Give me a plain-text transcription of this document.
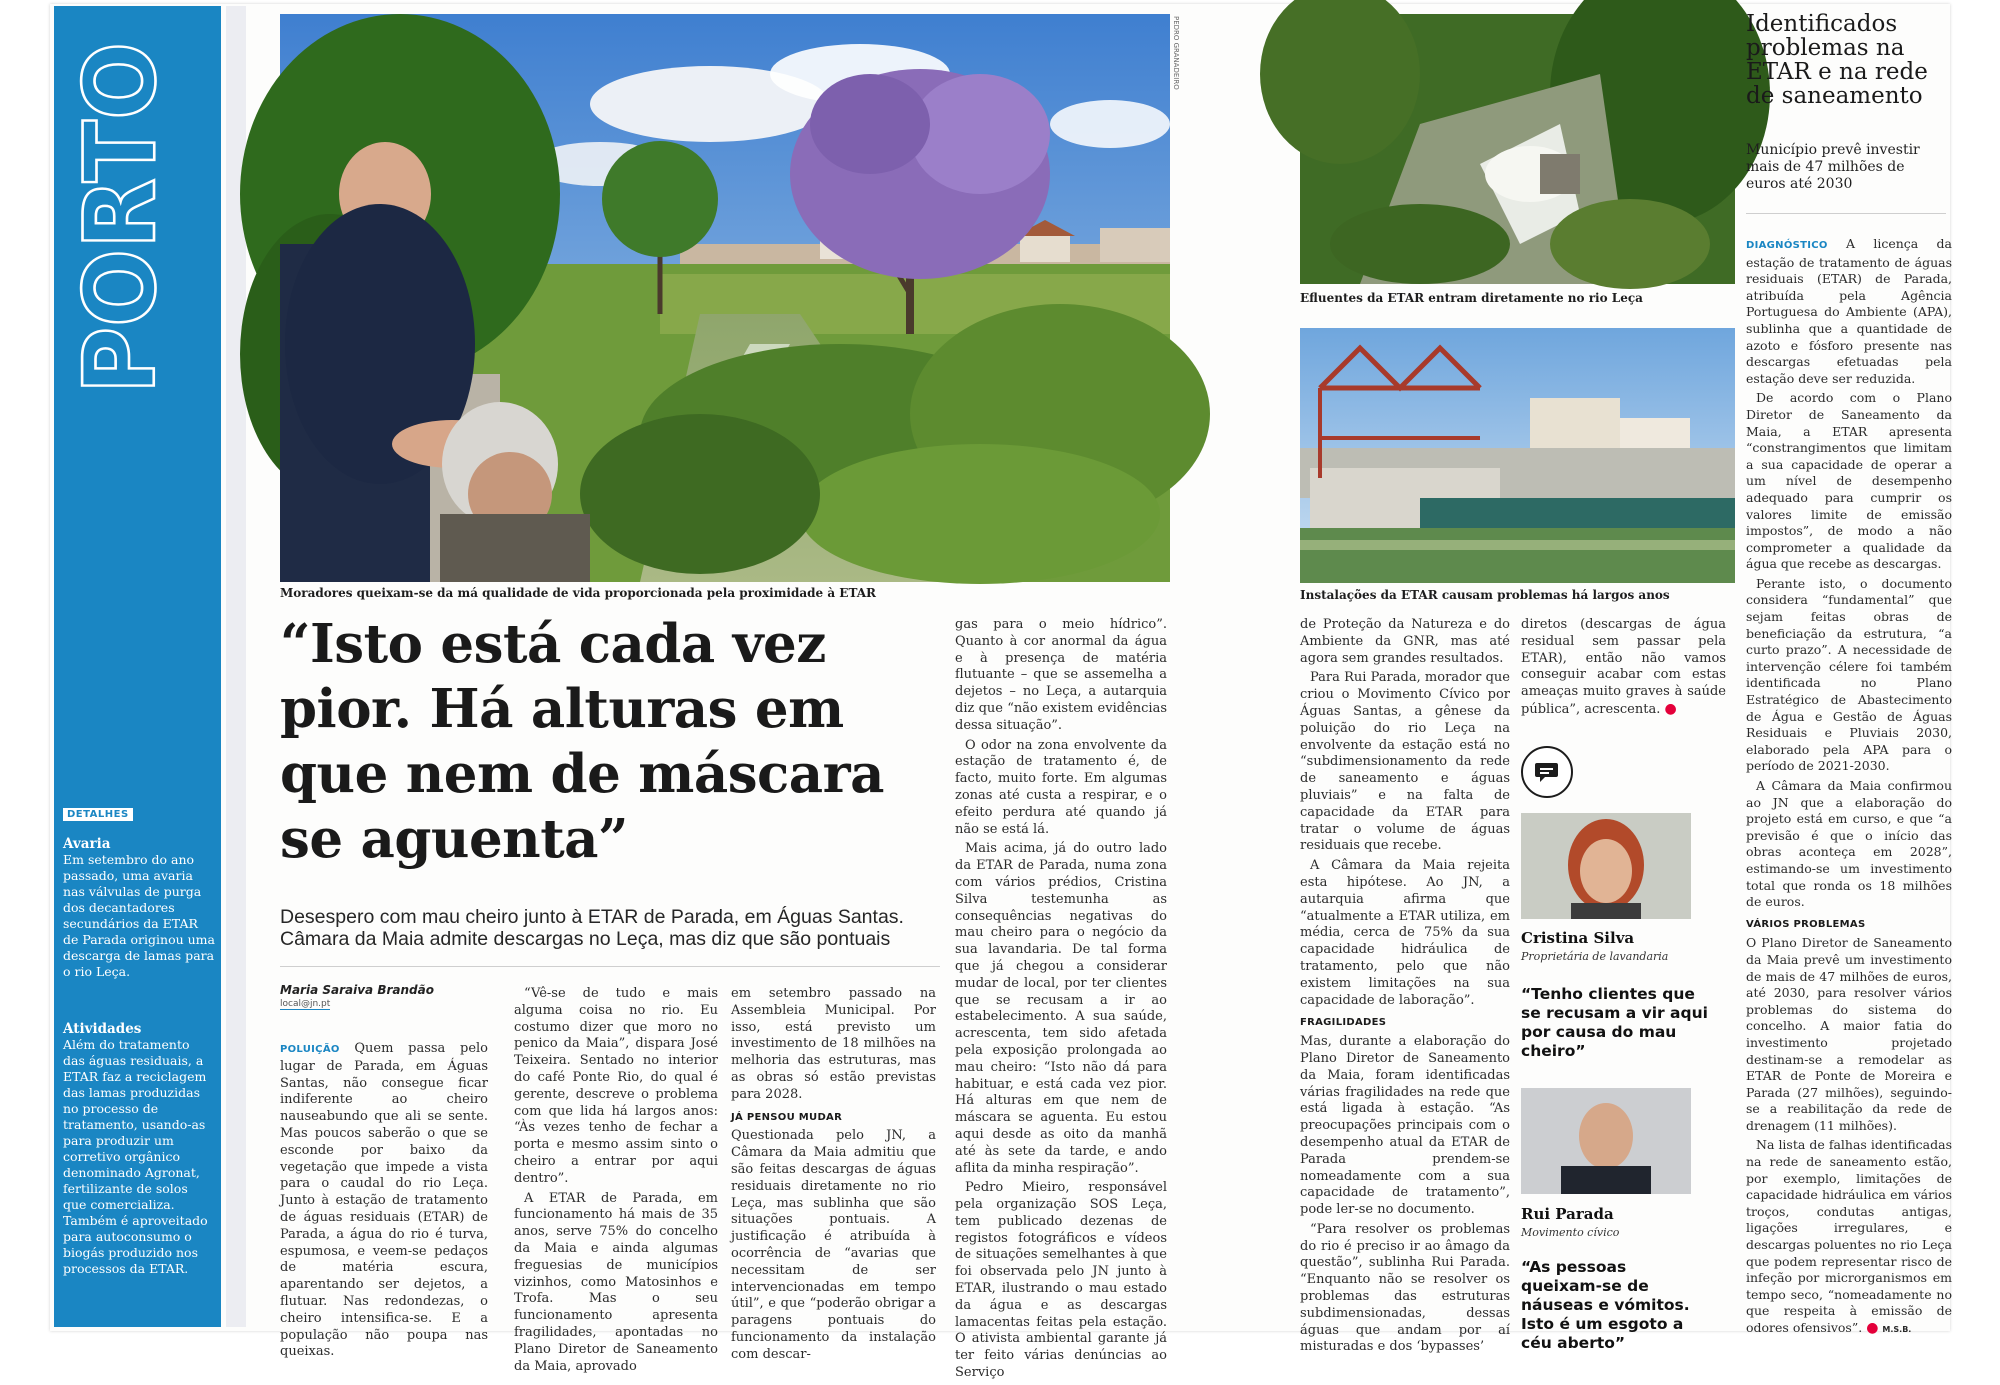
PORTO
DETALHES
Avaria
Em setembro do ano passado, uma avaria nas válvulas de purga dos decantadores secundários da ETAR de Parada originou uma descarga de lamas para o rio Leça.
Atividades
Além do tratamento das águas residuais, a ETAR faz a reciclagem das lamas produzidas no processo de tratamento, usando-as para produzir um corretivo orgânico denominado Agronat, fertilizante de solos que comercializa. Também é aproveitado para autoconsumo o biogás produzido nos processos da ETAR.
PEDRO GRANADEIRO
Moradores queixam-se da má qualidade de vida proporcionada pela proximidade à ETAR
“Isto está cada vez pior. Há alturas em que nem de máscara se aguenta”
Desespero com mau cheiro junto à ETAR de Parada, em Águas Santas. Câmara da Maia admite descargas no Leça, mas diz que são pontuais
Maria Saraiva Brandão
local@jn.pt

POLUIÇÃO Quem passa pelo lugar de Parada, em Águas Santas, não consegue ficar indiferente ao cheiro nauseabundo que ali se sente. Mas poucos saberão o que se esconde por baixo da vegetação que impede a vista para o caudal do rio Leça. Junto à estação de tratamento de águas residuais (ETAR) de Parada, a água do rio é turva, espumosa, e veem-se pedaços de matéria escura, aparentando ser dejetos, a flutuar. Nas redondezas, o cheiro intensifica-se. E a população não poupa nas queixas.

“Vê-se de tudo e mais alguma coisa no rio. Eu costumo dizer que moro no penico da Maia”, dispara José Teixeira. Sentado no interior do café Ponte Rio, do qual é gerente, descreve o problema com que lida há largos anos: “Às vezes tenho de fechar a porta e mesmo assim sinto o cheiro a entrar por aqui dentro”.

A ETAR de Parada, em funcionamento há mais de 35 anos, serve 75% do concelho da Maia e ainda algumas freguesias de municípios vizinhos, como Matosinhos e Trofa. Mas o seu funcionamento apresenta fragilidades, apontadas no Plano Diretor de Saneamento da Maia, aprovado

em setembro passado na Assembleia Municipal. Por isso, está previsto um investimento de 18 milhões na melhoria das estruturas, mas as obras só estão previstas para 2028.

JÁ PENSOU MUDAR

Questionada pelo JN, a Câmara da Maia admitiu que são feitas descargas de águas residuais diretamente no rio Leça, mas sublinha que são situações pontuais. A justificação é atribuída à ocorrência de “avarias que necessitam de ser intervencionadas em tempo útil”, e que “poderão obrigar a paragens pontuais do funcionamento da instalação com descar-

gas para o meio hídrico”. Quanto à cor anormal da água e à presença de matéria flutuante – que se assemelha a dejetos – no Leça, a autarquia diz que “não existem evidências dessa situação”.

O odor na zona envolvente da estação de tratamento é, de facto, muito forte. Em algumas zonas até custa a respirar, e o efeito perdura até quando já não se está lá.

Mais acima, já do outro lado da ETAR de Parada, numa zona com vários prédios, Cristina Silva testemunha as consequências negativas do mau cheiro para o negócio da sua lavandaria. De tal forma que já chegou a considerar mudar de local, por ter clientes que se recusam a ir ao estabelecimento. A sua saúde, acrescenta, tem sido afetada pela exposição prolongada ao mau cheiro: “Isto não dá para habituar, e está cada vez pior. Há alturas em que nem de máscara se aguenta. Eu estou aqui desde as oito da manhã até às sete da tarde, e ando aflita da minha respiração”.

Pedro Mieiro, responsável pela organização SOS Leça, tem publicado dezenas de registos fotográficos e vídeos de situações semelhantes à que foi observada pelo JN junto à ETAR, ilustrando o mau estado da água e as descargas lamacentas feitas pela estação. O ativista ambiental garante já ter feito várias denúncias ao Serviço

Efluentes da ETAR entram diretamente no rio Leça
Instalações da ETAR causam problemas há largos anos

de Proteção da Natureza e do Ambiente da GNR, mas até agora sem grandes resultados.

Para Rui Parada, morador que criou o Movimento Cívico por Águas Santas, a gênese da poluição do rio Leça na envolvente da estação está no “subdimensionamento da rede de saneamento e águas pluviais” e na falta de capacidade da ETAR para tratar o volume de águas residuais que recebe.

A Câmara da Maia rejeita esta hipótese. Ao JN, a autarquia afirma que “atualmente a ETAR utiliza, em média, cerca de 75% da sua capacidade hidráulica de tratamento, pelo que não existem limitações na sua capacidade de laboração”.

FRAGILIDADES

Mas, durante a elaboração do Plano Diretor de Saneamento da Maia, foram identificadas várias fragilidades na rede que está ligada à estação. “As preocupações principais com o desempenho atual da ETAR de Parada prendem-se nomeadamente com a sua capacidade de tratamento”, pode ler-se no documento.

“Para resolver os problemas do rio é preciso ir ao âmago da questão”, sublinha Rui Parada. “Enquanto não se resolver os problemas das estruturas subdimensionadas, dessas águas que andam por aí misturadas e dos ‘bypasses’

diretos (descargas de água residual sem passar pela ETAR), então não vamos conseguir acabar com estas ameaças muito graves à saúde pública”, acrescenta. ●

Cristina Silva
Proprietária de lavandaria
“Tenho clientes que se recusam a vir aqui por causa do mau cheiro”
Rui Parada
Movimento cívico
“As pessoas queixam-se de náuseas e vómitos. Isto é um esgoto a céu aberto”
Identificados problemas na ETAR e na rede de saneamento
Município prevê investir mais de 47 milhões de euros até 2030

DIAGNÓSTICO A licença da estação de tratamento de águas residuais (ETAR) de Parada, atribuída pela Agência Portuguesa do Ambiente (APA), sublinha que a quantidade de azoto e fósforo presente nas descargas efetuadas pela estação deve ser reduzida.

De acordo com o Plano Diretor de Saneamento da Maia, a ETAR apresenta “constrangimentos que limitam a sua capacidade de operar a um nível de desempenho adequado para cumprir os valores limite de emissão impostos”, de modo a não comprometer a qualidade da água que recebe as descargas.

Perante isto, o documento considera “fundamental” que sejam feitas obras de beneficiação da estrutura, “a curto prazo”. A necessidade de intervenção célere foi também identificada no Plano Estratégico de Abastecimento de Água e Gestão de Águas Residuais e Pluviais 2030, elaborado pela APA para o período de 2021-2030.

A Câmara da Maia confirmou ao JN que a elaboração do projeto está em curso, e que “a previsão é que o início das obras aconteça em 2028”, estimando-se um investimento total que ronda os 18 milhões de euros.

VÁRIOS PROBLEMAS

O Plano Diretor de Saneamento da Maia prevê um investimento de mais de 47 milhões de euros, até 2030, para resolver vários problemas do sistema do concelho. A maior fatia do investimento projetado destinam-se a remodelar as ETAR de Ponte de Moreira e Parada (27 milhões), seguindo-se a reabilitação da rede de drenagem (11 milhões).

Na lista de falhas identificadas na rede de saneamento estão, por exemplo, limitações de capacidade hidráulica em vários troços, condutas antigas, ligações irregulares, e descargas poluentes no rio Leça que podem representar risco de infeção por microrganismos em tempo seco, “nomeadamente no que respeita à emissão de odores ofensivos”. ● M.S.B.
